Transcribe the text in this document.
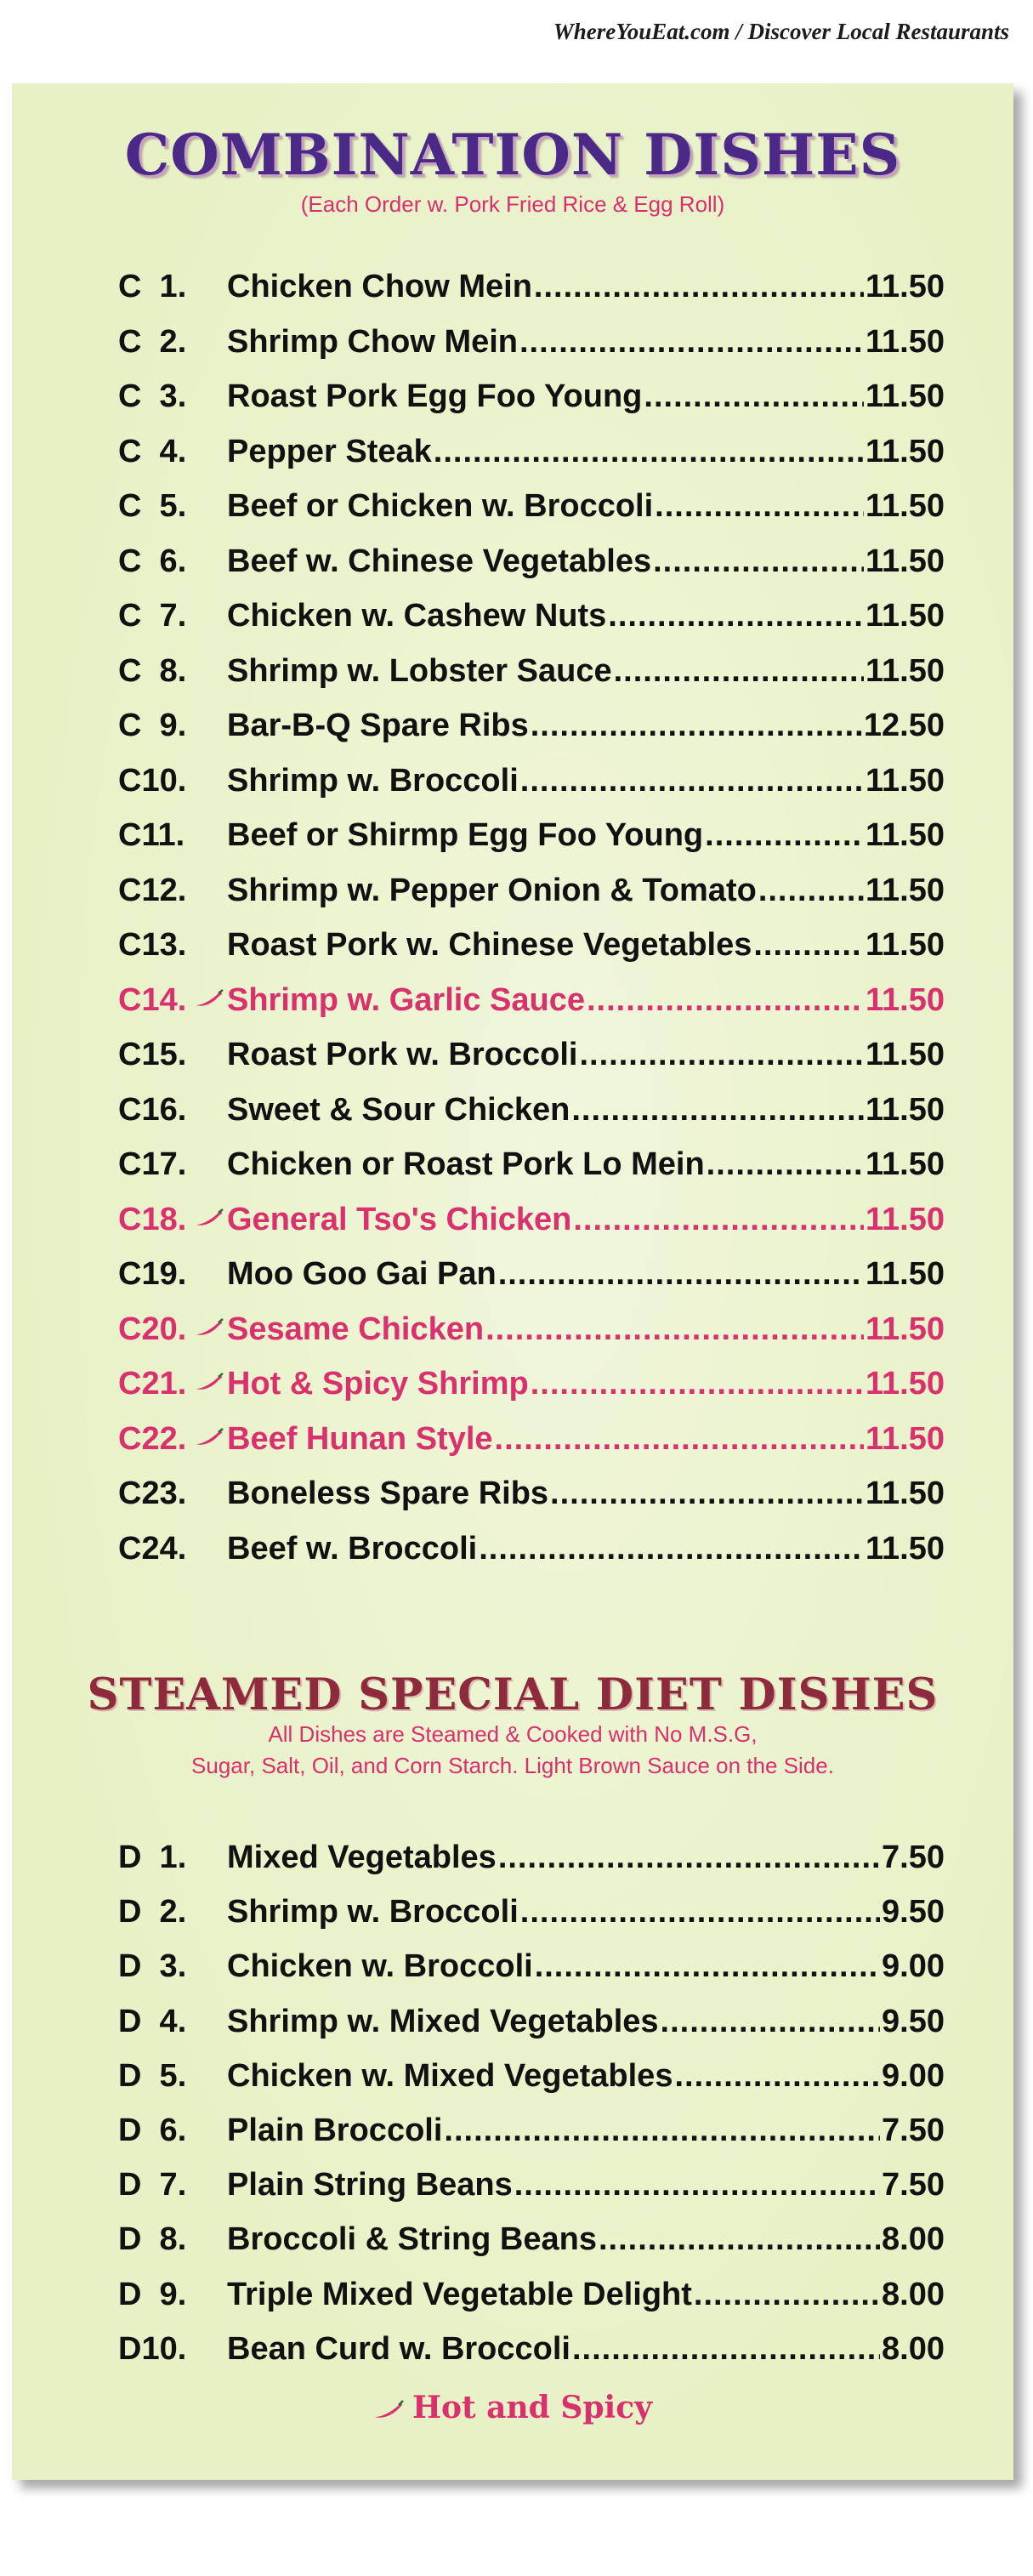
WhereYouEat.com / Discover Local Restaurants
COMBINATION DISHES
(Each Order w. Pork Fried Rice & Egg Roll)
C  1.	Chicken Chow Mein .....	11.50
C  2.	Shrimp Chow Mein .....	11.50
C  3.	Roast Pork Egg Foo Young .....	11.50
C  4.	Pepper Steak .....	11.50
C  5.	Beef or Chicken w. Broccoli .....	11.50
C  6.	Beef w. Chinese Vegetables .....	11.50
C  7.	Chicken w. Cashew Nuts .....	11.50
C  8.	Shrimp w. Lobster Sauce .....	11.50
C  9.	Bar-B-Q Spare Ribs .....	12.50
C10.	Shrimp w. Broccoli .....	11.50
C11.	Beef or Shirmp Egg Foo Young .....	11.50
C12.	Shrimp w. Pepper Onion & Tomato .....	11.50
C13.	Roast Pork w. Chinese Vegetables .....	11.50
C14.	Shrimp w. Garlic Sauce .....	11.50
C15.	Roast Pork w. Broccoli .....	11.50
C16.	Sweet & Sour Chicken .....	11.50
C17.	Chicken or Roast Pork Lo Mein .....	11.50
C18.	General Tso's Chicken .....	11.50
C19.	Moo Goo Gai Pan .....	11.50
C20.	Sesame Chicken .....	11.50
C21.	Hot & Spicy Shrimp .....	11.50
C22.	Beef Hunan Style .....	11.50
C23.	Boneless Spare Ribs .....	11.50
C24.	Beef w. Broccoli .....	11.50
STEAMED SPECIAL DIET DISHES
All Dishes are Steamed & Cooked with No M.S.G,
Sugar, Salt, Oil, and Corn Starch. Light Brown Sauce on the Side.
D  1.	Mixed Vegetables .....	7.50
D  2.	Shrimp w. Broccoli .....	9.50
D  3.	Chicken w. Broccoli .....	9.00
D  4.	Shrimp w. Mixed Vegetables .....	9.50
D  5.	Chicken w. Mixed Vegetables .....	9.00
D  6.	Plain Broccoli .....	7.50
D  7.	Plain String Beans .....	7.50
D  8.	Broccoli & String Beans .....	8.00
D  9.	Triple Mixed Vegetable Delight .....	8.00
D10.	Bean Curd w. Broccoli .....	8.00
Hot and Spicy
